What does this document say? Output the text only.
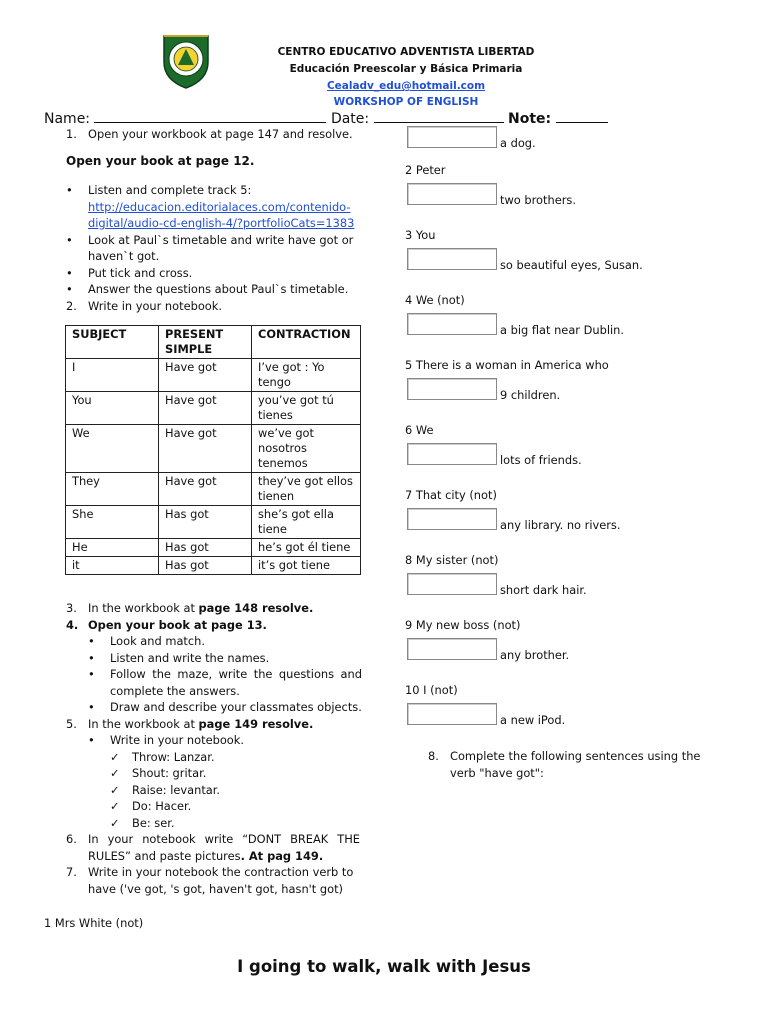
CENTRO EDUCATIVO ADVENTISTA LIBERTAD
Educación Preescolar y Básica Primaria
Cealadv_edu@hotmail.com
WORKSHOP OF ENGLISH
Name:	Date:	Note:
1. Open your workbook at page 147 and resolve.
Open your book at page 12.
•	Listen and complete track 5:
http://educacion.editorialaces.com/contenido-digital/audio-cd-english-4/?portfolioCats=1383
•	Look at Paul`s timetable and write have got or haven`t got.
•	Put tick and cross.
•	Answer the questions about Paul`s timetable.
2. Write in your notebook.
SUBJECT	PRESENT SIMPLE	CONTRACTION
I	Have got	I’ve got : Yo tengo
You	Have got	you’ve got tú tienes
We	Have got	we’ve got nosotros tenemos
They	Have got	they’ve got ellos tienen
She	Has got	she’s got ella tiene
He	Has got	he’s got él tiene
it	Has got	it’s got tiene
3. In the workbook at page 148 resolve.
4. Open your book at page 13.
•	Look and match.
•	Listen and write the names.
•	Follow the maze, write the questions and complete the answers.
•	Draw and describe your classmates objects.
5. In the workbook at page 149 resolve.
•	Write in your notebook.
✓ Throw: Lanzar.
✓ Shout: gritar.
✓ Raise: levantar.
✓ Do: Hacer.
✓ Be: ser.
6. In your notebook write “DONT BREAK THE RULES” and paste pictures. At pag 149.
7. Write in your notebook the contraction verb to have ('ve got, 's got, haven't got, hasn't got)
1 Mrs White (not)
a dog.
2 Peter
two brothers.
3 You
so beautiful eyes, Susan.
4 We (not)
a big flat near Dublin.
5 There is a woman in America who
9 children.
6 We
lots of friends.
7 That city (not)
any library. no rivers.
8 My sister (not)
short dark hair.
9 My new boss (not)
any brother.
10 I (not)
a new iPod.
8. Complete the following sentences using the verb "have got":
I going to walk, walk with Jesus
